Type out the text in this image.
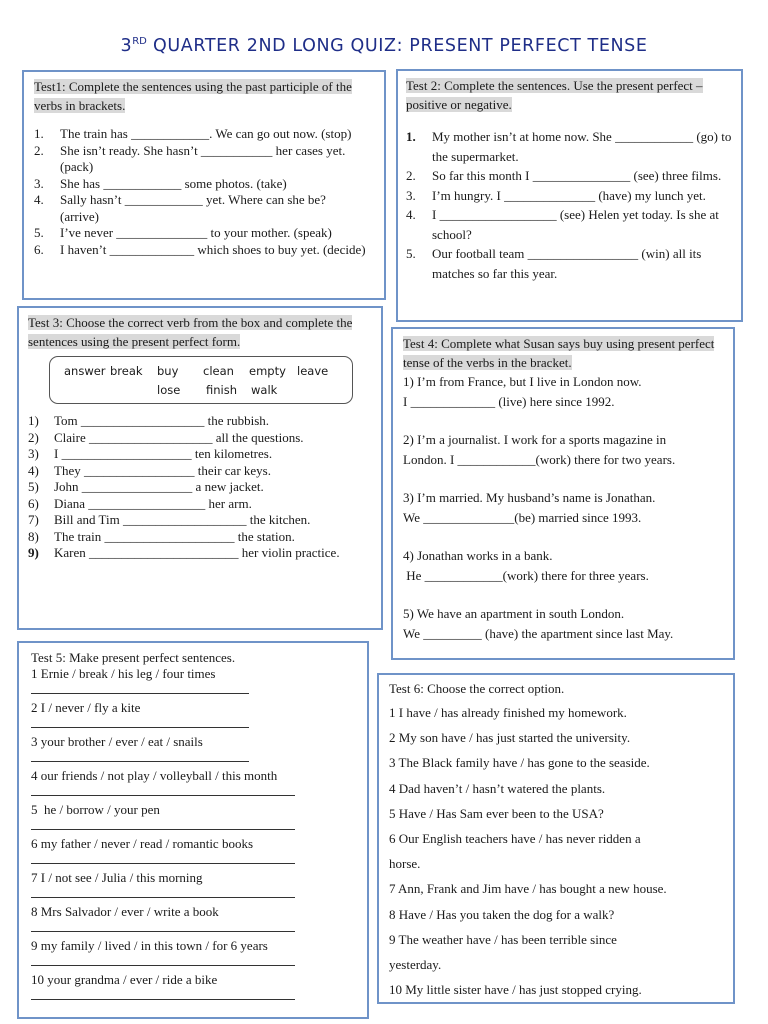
3RD QUARTER 2ND LONG QUIZ: PRESENT PERFECT TENSE
Test1: Complete the sentences using the past participle of the verbs in brackets.
1. The train has ____________. We can go out now. (stop)
2. She isn’t ready. She hasn’t ___________ her cases yet. (pack)
3. She has ____________ some photos. (take)
4. Sally hasn’t ____________ yet. Where can she be? (arrive)
5. I’ve never ______________ to your mother. (speak)
6. I haven’t _____________ which shoes to buy yet. (decide)
Test 2: Complete the sentences. Use the present perfect – positive or negative.
1. My mother isn’t at home now. She ____________ (go) to the supermarket.
2. So far this month I _______________ (see) three films.
3. I’m hungry. I ______________ (have) my lunch yet.
4. I __________________ (see) Helen yet today. Is she at school?
5. Our football team _________________ (win) all its matches so far this year.
Test 3: Choose the correct verb from the box and complete the sentences using the present perfect form.
answer break buy clean empty leave
lose finish walk
1) Tom ___________________ the rubbish.
2) Claire ___________________ all the questions.
3) I ____________________ ten kilometres.
4) They _________________ their car keys.
5) John _________________ a new jacket.
6) Diana __________________ her arm.
7) Bill and Tim ___________________ the kitchen.
8) The train ____________________ the station.
9) Karen _______________________ her violin practice.
Test 4: Complete what Susan says buy using present perfect tense of the verbs in the bracket.

1) I’m from France, but I live in London now.

I _____________ (live) here since 1992.

2) I’m a journalist. I work for a sports magazine in

London. I ____________(work) there for two years.

3) I’m married. My husband’s name is Jonathan.

We ______________(be) married since 1993.

4) Jonathan works in a bank.

He ____________(work) there for three years.

5) We have an apartment in south London.

We _________ (have) the apartment since last May.

Test 5: Make present perfect sentences.
1 Ernie / break / his leg / four times
2 I / never / fly a kite
3 your brother / ever / eat / snails
4 our friends / not play / volleyball / this month
5  he / borrow / your pen
6 my father / never / read / romantic books
7 I / not see / Julia / this morning
8 Mrs Salvador / ever / write a book
9 my family / lived / in this town / for 6 years
10 your grandma / ever / ride a bike
Test 6: Choose the correct option.

1 I have / has already finished my homework.

2 My son have / has just started the university.

3 The Black family have / has gone to the seaside.

4 Dad haven’t / hasn’t watered the plants.

5 Have / Has Sam ever been to the USA?

6 Our English teachers have / has never ridden a

horse.

7 Ann, Frank and Jim have / has bought a new house.

8 Have / Has you taken the dog for a walk?

9 The weather have / has been terrible since

yesterday.

10 My little sister have / has just stopped crying.
